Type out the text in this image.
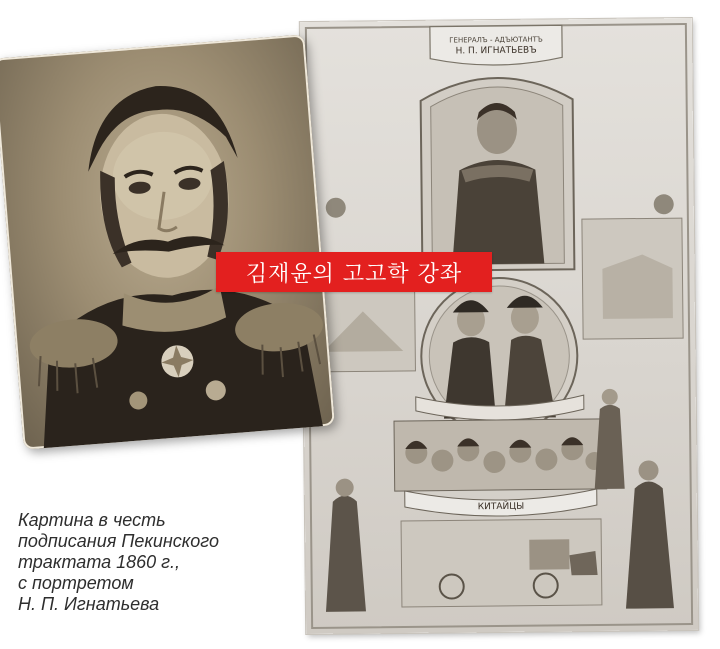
ГЕНЕРАЛЪ - АДЪЮТАНТЪ
Н. П. ИГНАТЬЕВЪ
КИТАЙЦЫ
김재윤의 고고학 강좌
Картина в честь
подписания Пекинского
трактата 1860 г.,
с портретом
Н. П. Игнатьева
